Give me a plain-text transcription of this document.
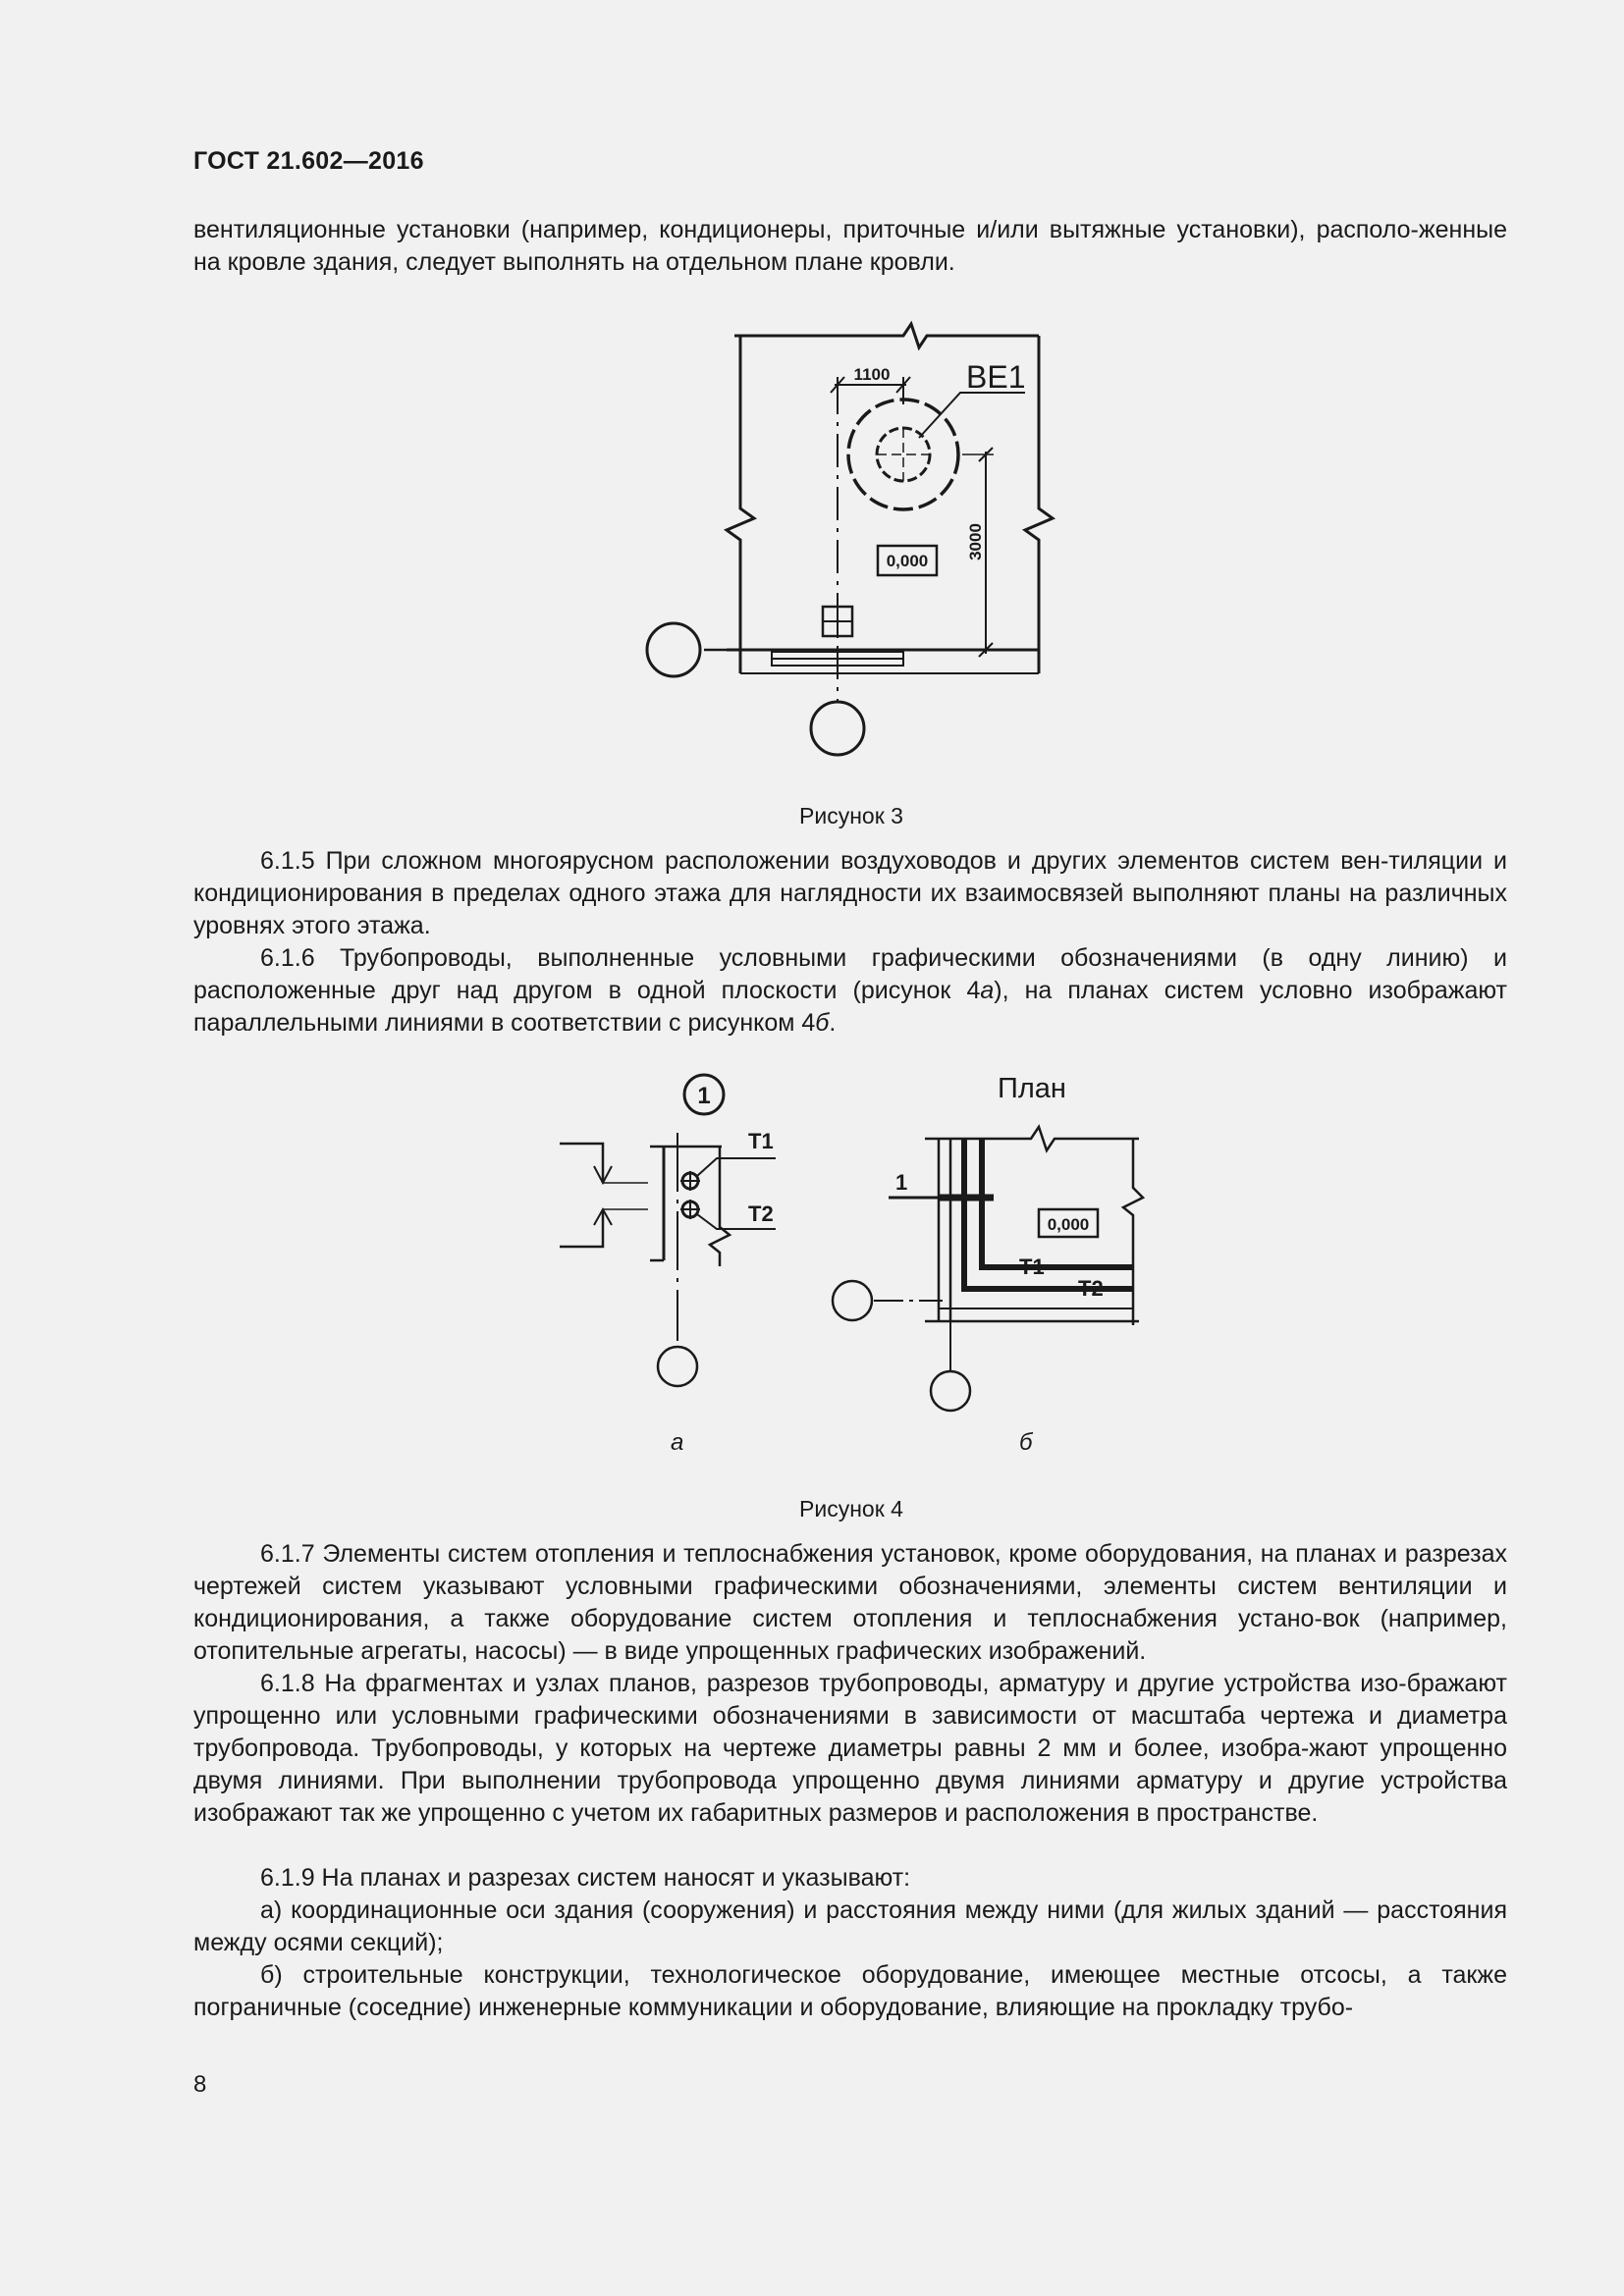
ГОСТ 21.602—2016

вентиляционные установки (например, кондиционеры, приточные и/или вытяжные установки), располо-женные на кровле здания, следует выполнять на отдельном плане кровли.

1100 ВЕ1
3000
0,000
Рисунок 3

6.1.5 При сложном многоярусном расположении воздуховодов и других элементов систем вен-тиляции и кондиционирования в пределах одного этажа для наглядности их взаимосвязей выполняют планы на различных уровнях этого этажа.

6.1.6 Трубопроводы, выполненные условными графическими обозначениями (в одну линию) и расположенные друг над другом в одной плоскости (рисунок 4а), на планах систем условно изображают параллельными линиями в соответствии с рисунком 4б.

1
Т1
Т2
План
1
0,000
Т1
Т2
а	б
Рисунок 4

6.1.7 Элементы систем отопления и теплоснабжения установок, кроме оборудования, на планах и разрезах чертежей систем указывают условными графическими обозначениями, элементы систем вентиляции и кондиционирования, а также оборудование систем отопления и теплоснабжения устано-вок (например, отопительные агрегаты, насосы) — в виде упрощенных графических изображений.

6.1.8 На фрагментах и узлах планов, разрезов трубопроводы, арматуру и другие устройства изо-бражают упрощенно или условными графическими обозначениями в зависимости от масштаба чертежа и диаметра трубопровода. Трубопроводы, у которых на чертеже диаметры равны 2 мм и более, изобра-жают упрощенно двумя линиями. При выполнении трубопровода упрощенно двумя линиями арматуру и другие устройства изображают так же упрощенно с учетом их габаритных размеров и расположения в пространстве.

6.1.9 На планах и разрезах систем наносят и указывают:

а) координационные оси здания (сооружения) и расстояния между ними (для жилых зданий — расстояния между осями секций);

б) строительные конструкции, технологическое оборудование, имеющее местные отсосы, а также пограничные (соседние) инженерные коммуникации и оборудование, влияющие на прокладку трубо-

8
